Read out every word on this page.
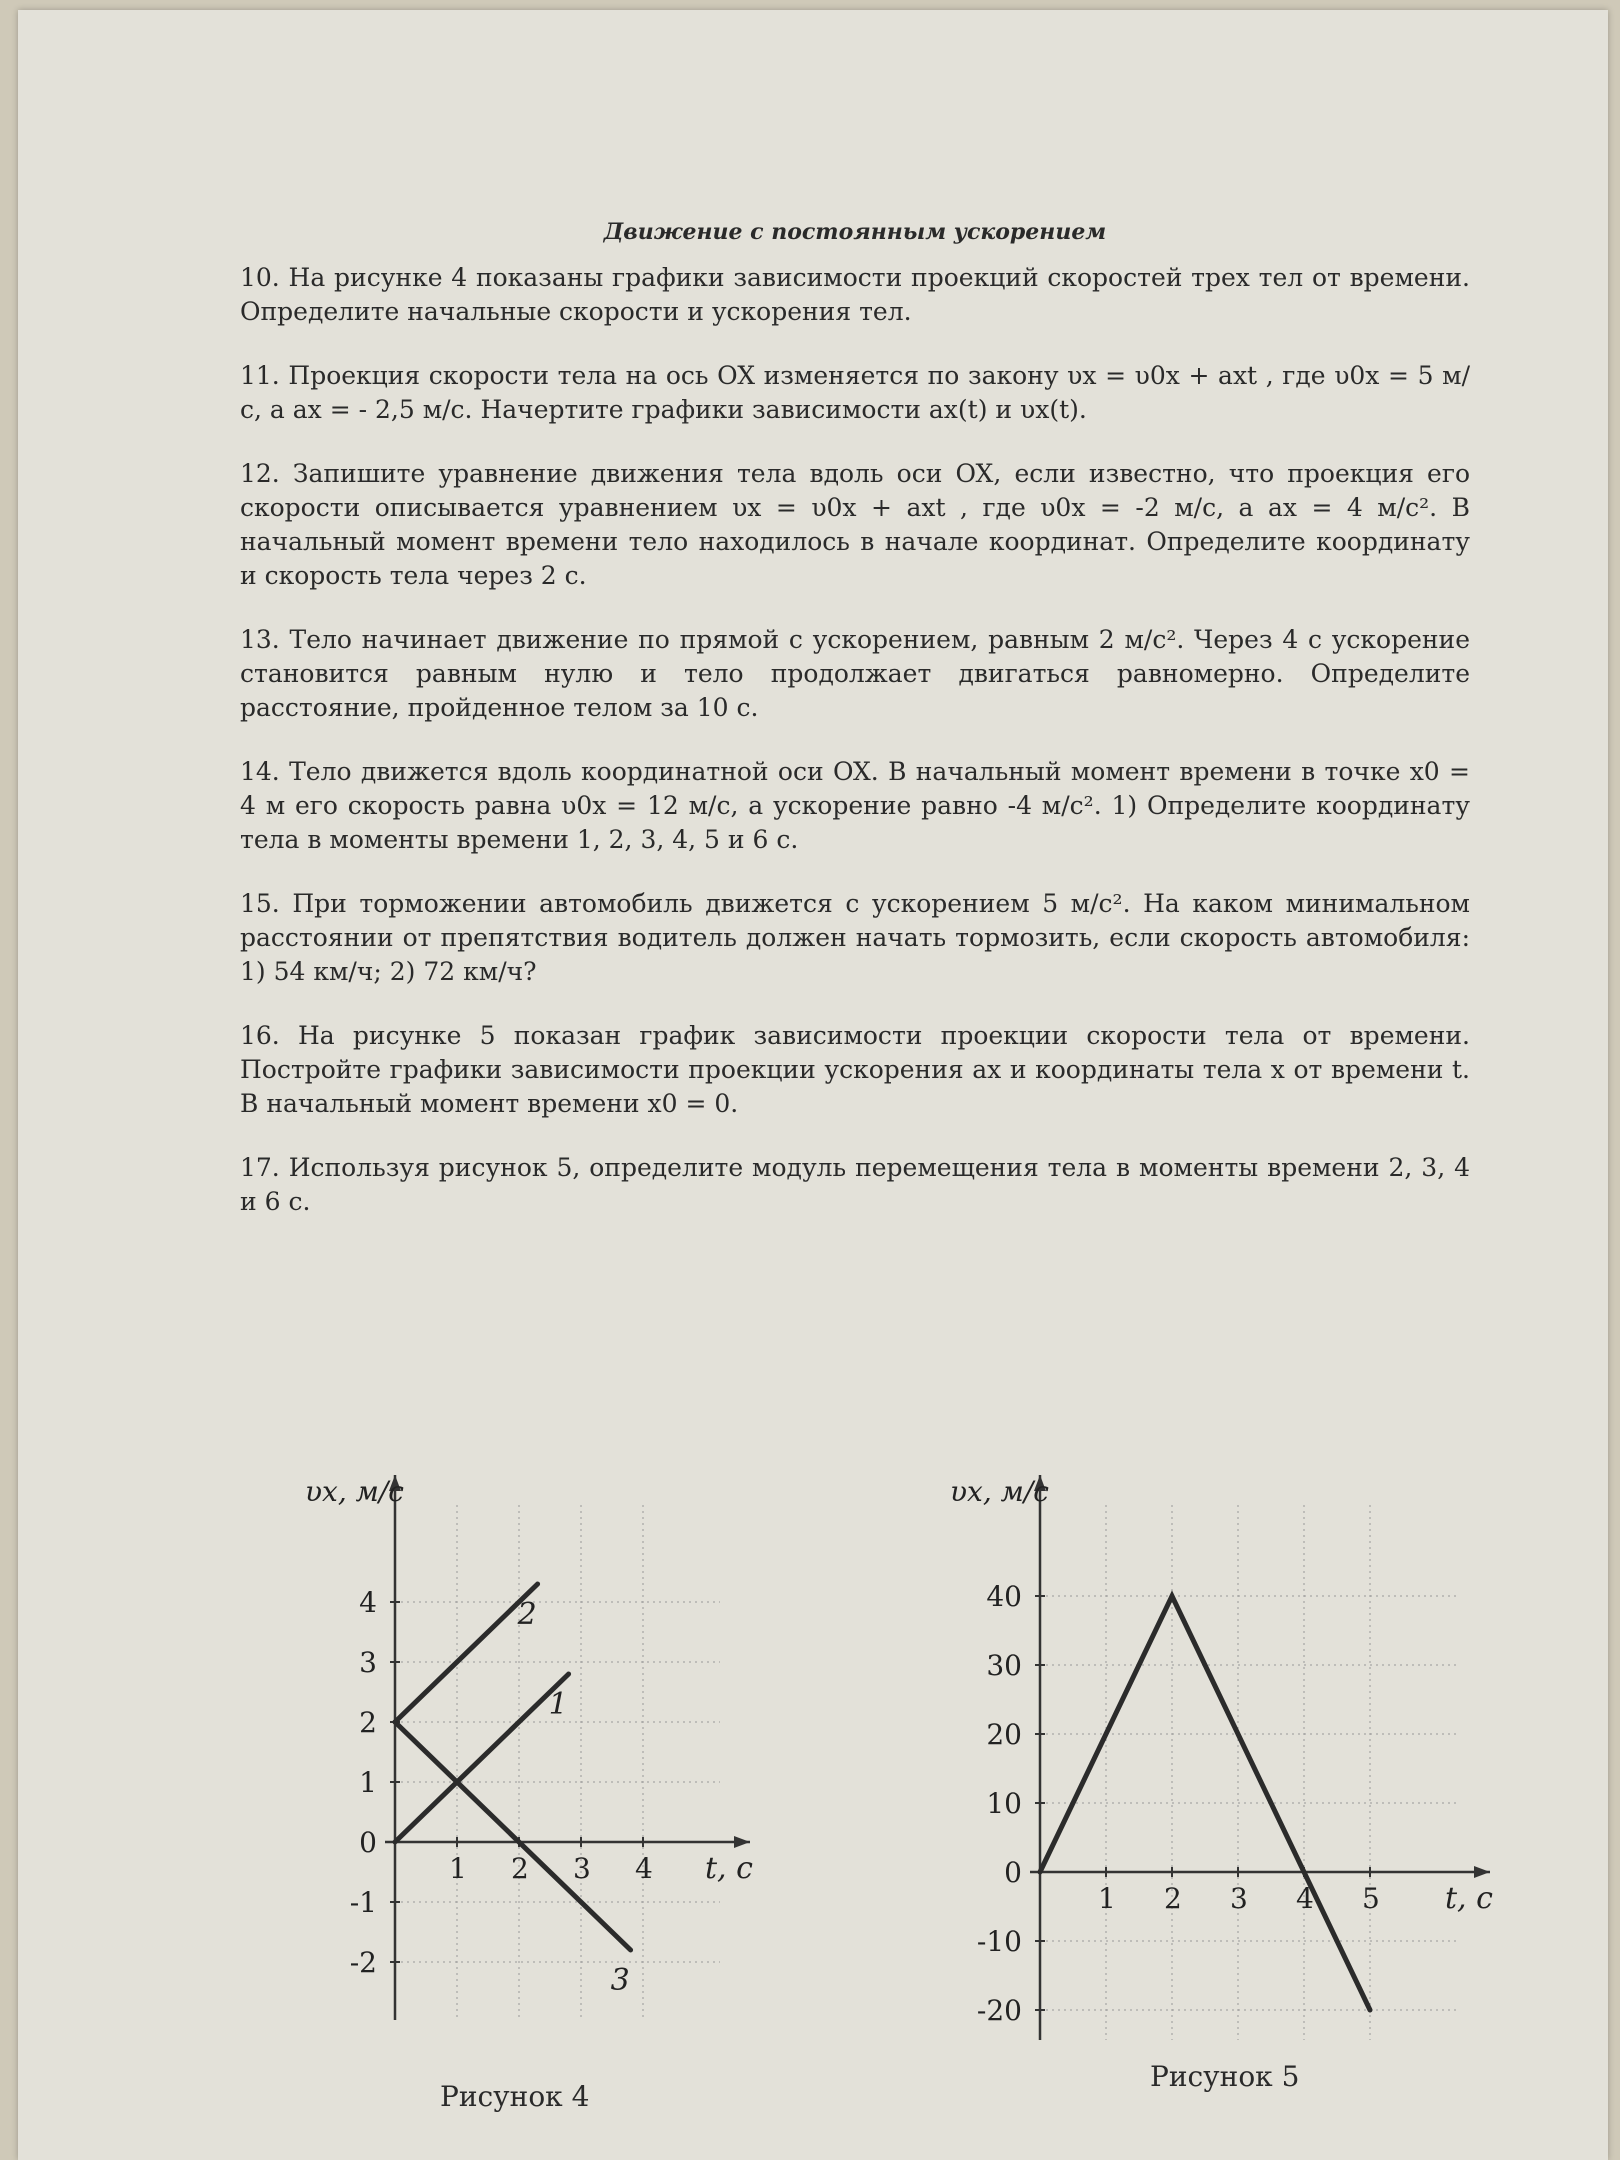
Движение с постоянным ускорением
10. На рисунке 4 показаны графики зависимости проекций скоростей трех тел от времени. Определите начальные скорости и ускорения тел.
11. Проекция скорости тела на ось OX изменяется по закону υx = υ0x + axt , где υ0x = 5 м/с, а ax = - 2,5 м/с. Начертите графики зависимости ax(t) и υx(t).
12. Запишите уравнение движения тела вдоль оси OX, если известно, что проекция его скорости описывается уравнением υx = υ0x + axt , где υ0x = -2 м/с, а ax = 4 м/с². В начальный момент времени тело находилось в начале координат. Определите координату и скорость тела через 2 с.
13. Тело начинает движение по прямой с ускорением, равным 2 м/с². Через 4 с ускорение становится равным нулю и тело продолжает двигаться равномерно. Определите расстояние, пройденное телом за 10 с.
14. Тело движется вдоль координатной оси OX. В начальный момент времени в точке x0 = 4 м его скорость равна υ0x = 12 м/с, а ускорение равно -4 м/с². 1) Определите координату тела в моменты времени 1, 2, 3, 4, 5 и 6 с.
15. При торможении автомобиль движется с ускорением 5 м/с². На каком минимальном расстоянии от препятствия водитель должен начать тормозить, если скорость автомобиля: 1) 54 км/ч; 2) 72 км/ч?
16. На рисунке 5 показан график зависимости проекции скорости тела от времени. Постройте графики зависимости проекции ускорения ax и координаты тела x от времени t. В начальный момент времени x0 = 0.
17. Используя рисунок 5, определите модуль перемещения тела в моменты времени 2, 3, 4 и 6 с.
1 2 3 4
-2
-1
0
1
2
3
4
t, с
υx, м/с
1
2
3
Рисунок 4
1 2 3 4 5
-20
-10
0
10
20
30
40
t, с
υx, м/с
Рисунок 5
